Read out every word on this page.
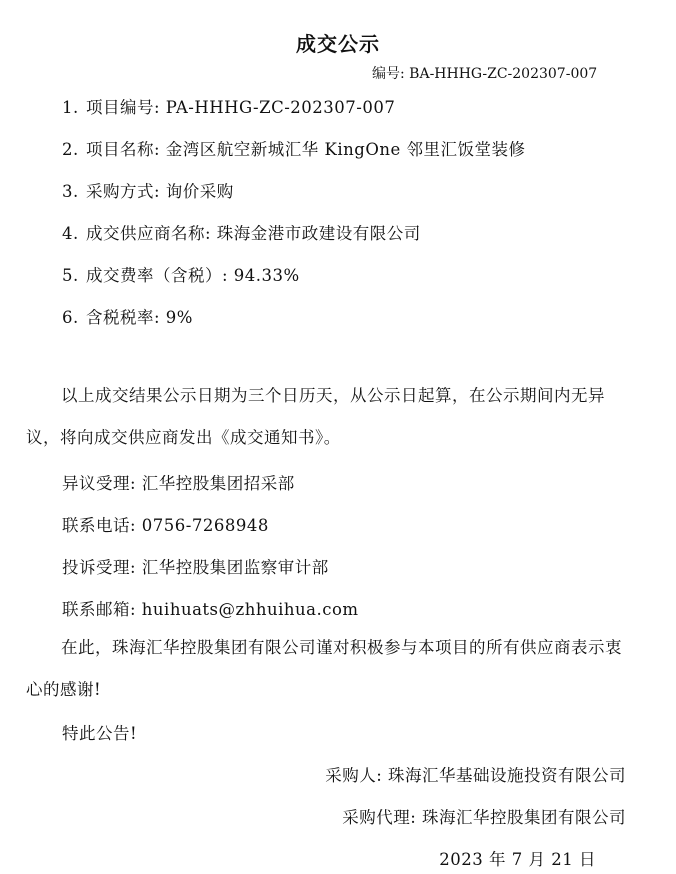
成交公示
编号: BA-HHHG-ZC-202307-007
1. 项目编号: PA-HHHG-ZC-202307-007
2. 项目名称: 金湾区航空新城汇华 KingOne 邻里汇饭堂装修
3. 采购方式: 询价采购
4. 成交供应商名称: 珠海金港市政建设有限公司
5. 成交费率（含税）: 94.33%
6. 含税税率: 9%
以上成交结果公示日期为三个日历天，从公示日起算，在公示期间内无异议，将向成交供应商发出《成交通知书》。
异议受理: 汇华控股集团招采部
联系电话: 0756-7268948
投诉受理: 汇华控股集团监察审计部
联系邮箱: huihuats@zhhuihua.com
在此，珠海汇华控股集团有限公司谨对积极参与本项目的所有供应商表示衷心的感谢!
特此公告!
采购人: 珠海汇华基础设施投资有限公司
采购代理: 珠海汇华控股集团有限公司
2023 年 7 月 21 日
